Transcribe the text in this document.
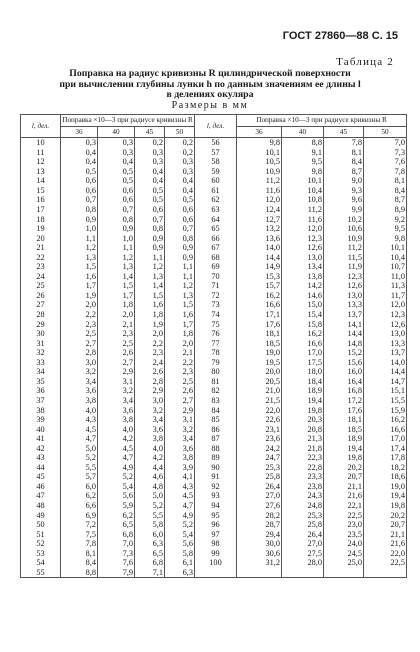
ГОСТ 27860—88 С. 15
Таблица 2
Поправка на радиус кривизны R цилиндрической поверхности
при вычислении глубины лунки h по данным значениям ее длины l
в делениях окуляра
Размеры в мм
l, дел.	Поправка ×10—3 при радиусе кривизны R				l, дел.	Поправка ×10—3 при радиусе кривизны R			
	36	40	45	50		36	40	45	50
10	0,3	0,3	0,2	0,2	56	9,8	8,8	7,8	7,0
11	0,4	0,3	0,3	0,2	57	10,1	9,1	8,1	7,3
12	0,4	0,4	0,3	0,3	58	10,5	9,5	8,4	7,6
13	0,5	0,5	0,4	0,3	59	10,9	9,8	8,7	7,8
14	0,6	0,5	0,4	0,4	60	11,2	10,1	9,0	8,1
15	0,6	0,6	0,5	0,4	61	11,6	10,4	9,3	8,4
16	0,7	0,6	0,5	0,5	62	12,0	10,8	9,6	8,7
17	0,8	0,7	0,6	0,6	63	12,4	11,2	9,9	8,9
18	0,9	0,8	0,7	0,6	64	12,7	11,6	10,2	9,2
19	1,0	0,9	0,8	0,7	65	13,2	12,0	10,6	9,5
20	1,1	1,0	0,9	0,8	66	13,6	12,3	10,9	9,8
21	1,2	1,1	0,9	0,9	67	14,0	12,6	11,2	10,1
22	1,3	1,2	1,1	0,9	68	14,4	13,0	11,5	10,4
23	1,5	1,3	1,2	1,1	69	14,9	13,4	11,9	10,7
24	1,6	1,4	1,3	1,1	70	15,3	13,8	12,3	11,0
25	1,7	1,5	1,4	1,2	71	15,7	14,2	12,6	11,3
26	1,9	1,7	1,5	1,3	72	16,2	14,6	13,0	11,7
27	2,0	1,8	1,6	1,5	73	16,6	15,0	13,3	12,0
28	2,2	2,0	1,8	1,6	74	17,1	15,4	13,7	12,3
29	2,3	2,1	1,9	1,7	75	17,6	15,8	14,1	12,6
30	2,5	2,3	2,0	1,8	76	18,1	16,2	14,4	13,0
31	2,7	2,5	2,2	2,0	77	18,5	16,6	14,8	13,3
32	2,8	2,6	2,3	2,1	78	19,0	17,0	15,2	13,7
33	3,0	2,7	2,4	2,2	79	19,5	17,5	15,6	14,0
34	3,2	2,9	2,6	2,3	80	20,0	18,0	16,0	14,4
35	3,4	3,1	2,8	2,5	81	20,5	18,4	16,4	14,7
36	3,6	3,2	2,9	2,6	82	21,0	18,9	16,8	15,1
37	3,8	3,4	3,0	2,7	83	21,5	19,4	17,2	15,5
38	4,0	3,6	3,2	2,9	84	22,0	19,8	17,6	15,9
39	4,3	3,8	3,4	3,1	85	22,6	20,3	18,1	16,2
40	4,5	4,0	3,6	3,2	86	23,1	20,8	18,5	16,6
41	4,7	4,2	3,8	3,4	87	23,6	21,3	18,9	17,0
42	5,0	4,5	4,0	3,6	88	24,2	21,8	19,4	17,4
43	5,2	4,7	4,2	3,8	89	24,7	22,3	19,8	17,8
44	5,5	4,9	4,4	3,9	90	25,3	22,8	20,2	18,2
45	5,7	5,2	4,6	4,1	91	25,8	23,3	20,7	18,6
46	6,0	5,4	4,8	4,3	92	26,4	23,8	21,1	19,0
47	6,2	5,6	5,0	4,5	93	27,0	24,3	21,6	19,4
48	6,6	5,9	5,2	4,7	94	27,6	24,8	22,1	19,8
49	6,9	6,2	5,5	4,9	95	28,2	25,3	22,5	20,2
50	7,2	6,5	5,8	5,2	96	28,7	25,8	23,0	20,7
51	7,5	6,8	6,0	5,4	97	29,4	26,4	23,5	21,1
52	7,8	7,0	6,3	5,6	98	30,0	27,0	24,0	21,6
53	8,1	7,3	6,5	5,8	99	30,6	27,5	24,5	22,0
54	8,4	7,6	6,8	6,1	100	31,2	28,0	25,0	22,5
55	8,8	7,9	7,1	6,3					
